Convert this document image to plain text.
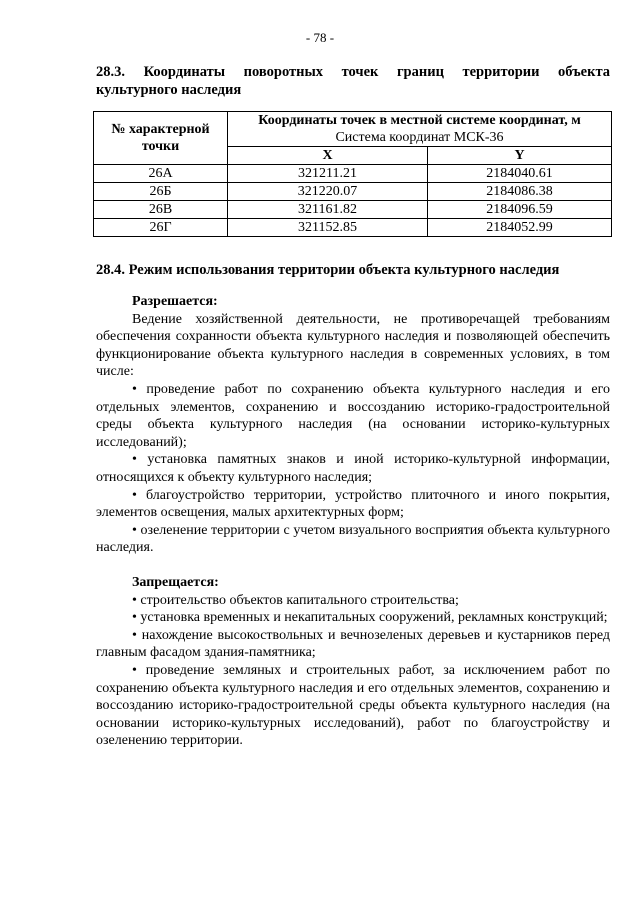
- 78 -
28.3. Координаты поворотных точек границ территории объекта
культурного наследия
№ характерной точки	Координаты точек в местной системе координат, м
Система координат МСК-36	

	X	Y
26А	321211.21	2184040.61
26Б	321220.07	2184086.38
26В	321161.82	2184096.59
26Г	321152.85	2184052.99
28.4. Режим использования территории объекта культурного наследия

Разрешается:

Ведение хозяйственной деятельности, не противоречащей требованиям обеспечения сохранности объекта культурного наследия и позволяющей обеспечить функционирование объекта культурного наследия в современных условиях, в том числе:

• проведение работ по сохранению объекта культурного наследия и его отдельных элементов, сохранению и воссозданию историко-градостроительной среды объекта культурного наследия (на основании историко-культурных исследований);

• установка памятных знаков и иной историко-культурной информации, относящихся к объекту культурного наследия;

• благоустройство территории, устройство плиточного и иного покрытия, элементов освещения, малых архитектурных форм;

• озеленение территории с учетом визуального восприятия объекта культурного наследия.

Запрещается:

• строительство объектов капитального строительства;

• установка временных и некапитальных сооружений, рекламных конструкций;

• нахождение высокоствольных и вечнозеленых деревьев и кустарников перед главным фасадом здания-памятника;

• проведение земляных и строительных работ, за исключением работ по сохранению объекта культурного наследия и его отдельных элементов, сохранению и воссозданию историко-градостроительной среды объекта культурного наследия (на основании историко-культурных исследований), работ по благоустройству и озеленению территории.
